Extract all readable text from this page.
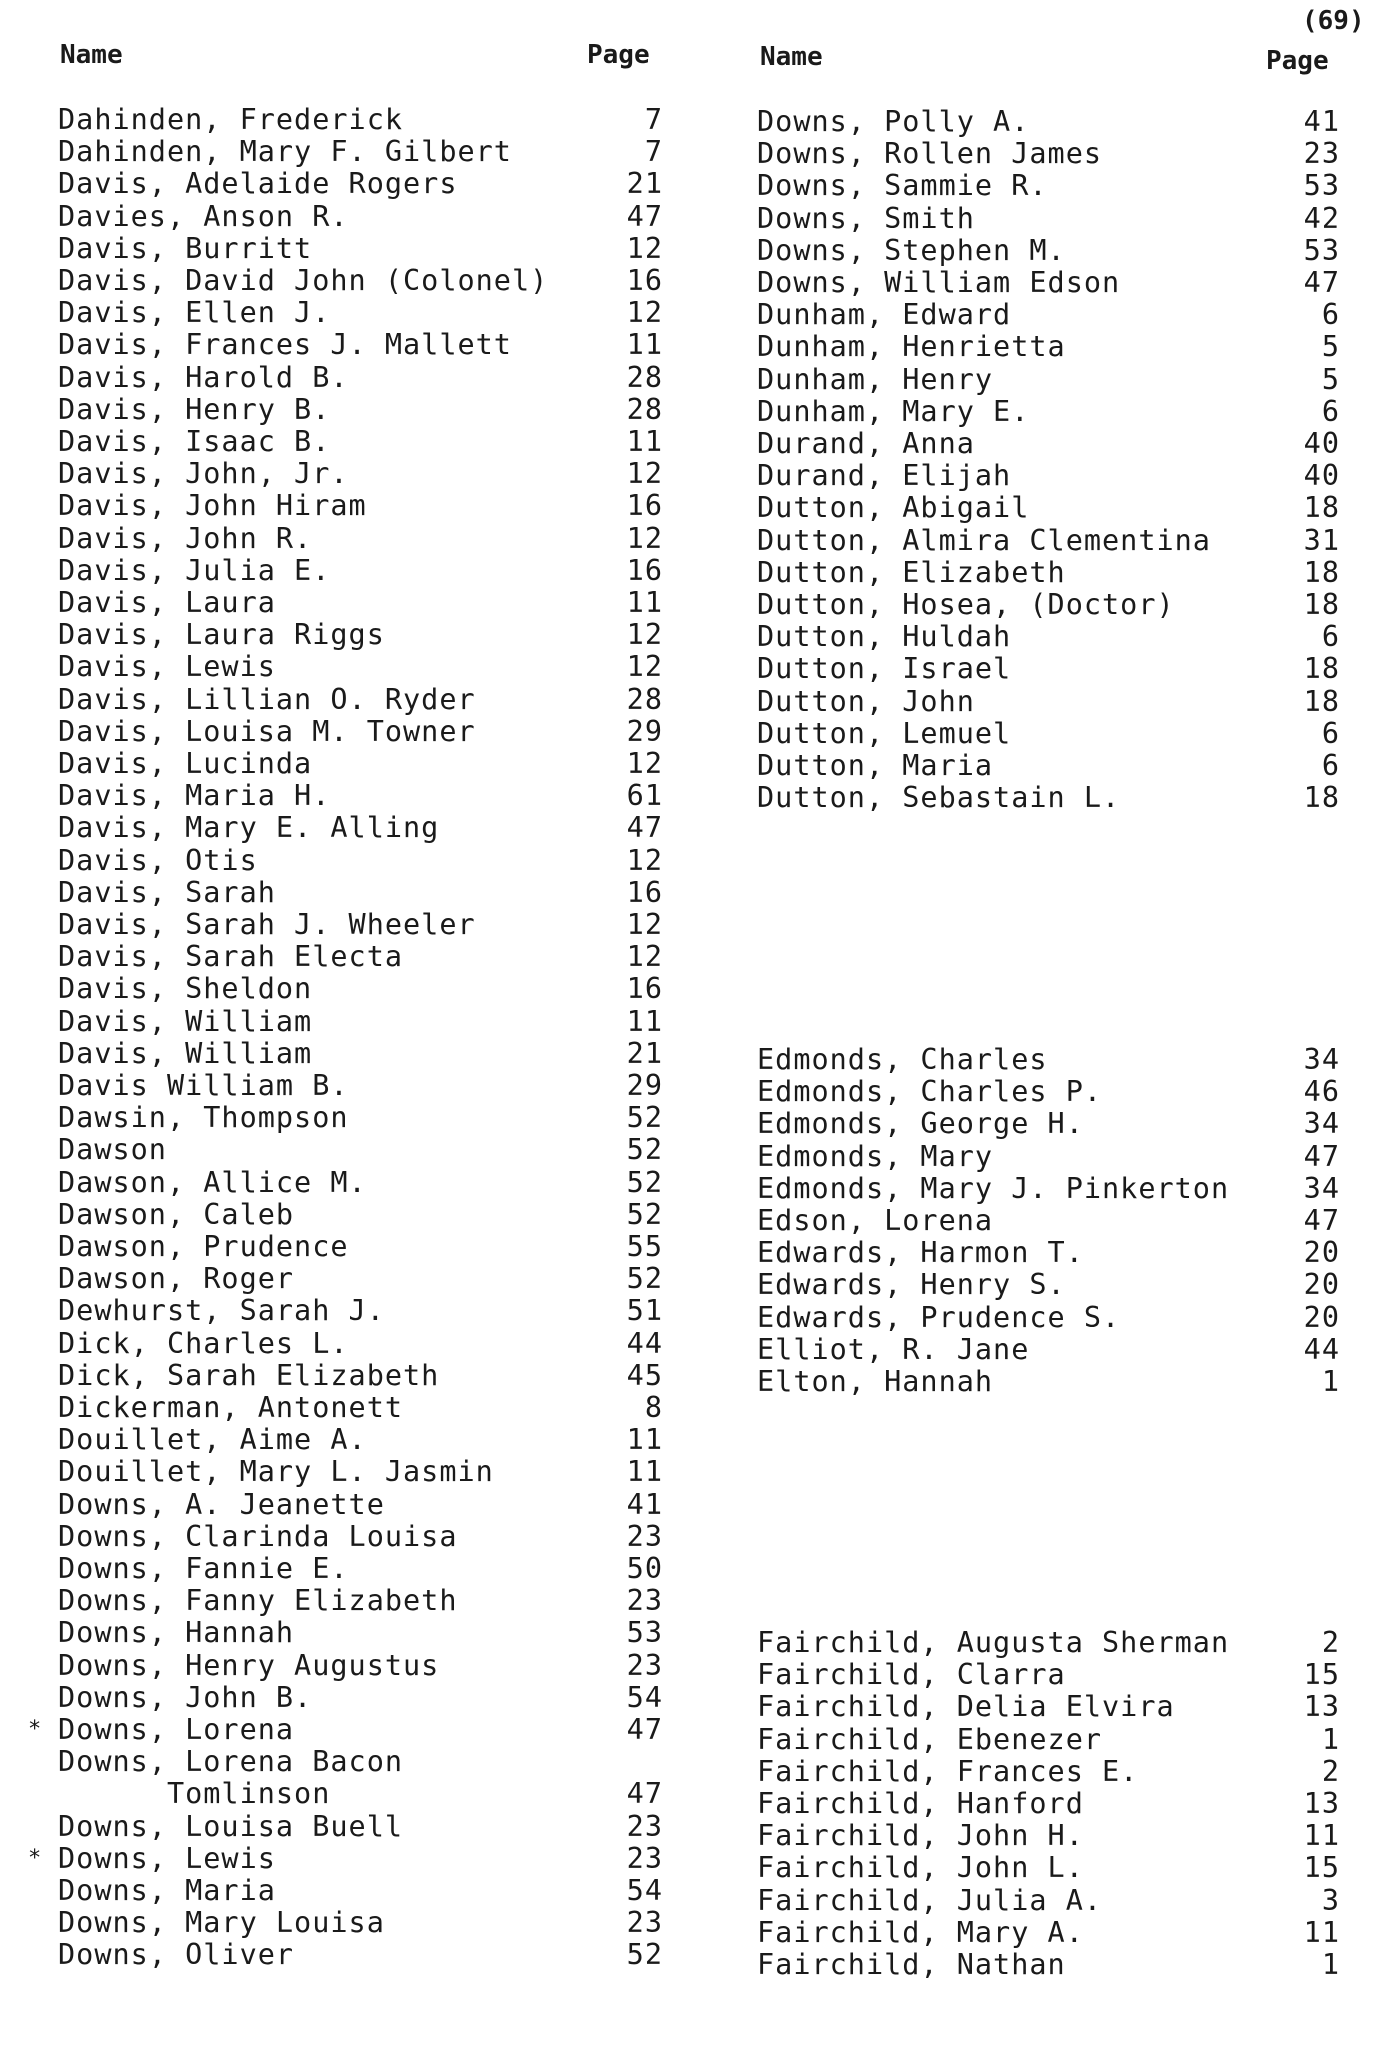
(69)
Name	Page	Name	Page
Dahinden, Frederick	7
Dahinden, Mary F. Gilbert	7
Davis, Adelaide Rogers	21
Davies, Anson R.	47
Davis, Burritt	12
Davis, David John (Colonel)	16
Davis, Ellen J.	12
Davis, Frances J. Mallett	11
Davis, Harold B.	28
Davis, Henry B.	28
Davis, Isaac B.	11
Davis, John, Jr.	12
Davis, John Hiram	16
Davis, John R.	12
Davis, Julia E.	16
Davis, Laura	11
Davis, Laura Riggs	12
Davis, Lewis	12
Davis, Lillian O. Ryder	28
Davis, Louisa M. Towner	29
Davis, Lucinda	12
Davis, Maria H.	61
Davis, Mary E. Alling	47
Davis, Otis	12
Davis, Sarah	16
Davis, Sarah J. Wheeler	12
Davis, Sarah Electa	12
Davis, Sheldon	16
Davis, William	11
Davis, William	21
Davis William B.	29
Dawsin, Thompson	52
Dawson	52
Dawson, Allice M.	52
Dawson, Caleb	52
Dawson, Prudence	55
Dawson, Roger	52
Dewhurst, Sarah J.	51
Dick, Charles L.	44
Dick, Sarah Elizabeth	45
Dickerman, Antonett	8
Douillet, Aime A.	11
Douillet, Mary L. Jasmin	11
Downs, A. Jeanette	41
Downs, Clarinda Louisa	23
Downs, Fannie E.	50
Downs, Fanny Elizabeth	23
Downs, Hannah	53
Downs, Henry Augustus	23
Downs, John B.	54
* Downs, Lorena	47
Downs, Lorena Bacon
Tomlinson	47
Downs, Louisa Buell	23
* Downs, Lewis	23
Downs, Maria	54
Downs, Mary Louisa	23
Downs, Oliver	52
Downs, Polly A.	41
Downs, Rollen James	23
Downs, Sammie R.	53
Downs, Smith	42
Downs, Stephen M.	53
Downs, William Edson	47
Dunham, Edward	6
Dunham, Henrietta	5
Dunham, Henry	5
Dunham, Mary E.	6
Durand, Anna	40
Durand, Elijah	40
Dutton, Abigail	18
Dutton, Almira Clementina	31
Dutton, Elizabeth	18
Dutton, Hosea, (Doctor)	18
Dutton, Huldah	6
Dutton, Israel	18
Dutton, John	18
Dutton, Lemuel	6
Dutton, Maria	6
Dutton, Sebastain L.	18
Edmonds, Charles	34
Edmonds, Charles P.	46
Edmonds, George H.	34
Edmonds, Mary	47
Edmonds, Mary J. Pinkerton	34
Edson, Lorena	47
Edwards, Harmon T.	20
Edwards, Henry S.	20
Edwards, Prudence S.	20
Elliot, R. Jane	44
Elton, Hannah	1
Fairchild, Augusta Sherman	2
Fairchild, Clarra	15
Fairchild, Delia Elvira	13
Fairchild, Ebenezer	1
Fairchild, Frances E.	2
Fairchild, Hanford	13
Fairchild, John H.	11
Fairchild, John L.	15
Fairchild, Julia A.	3
Fairchild, Mary A.	11
Fairchild, Nathan	1
